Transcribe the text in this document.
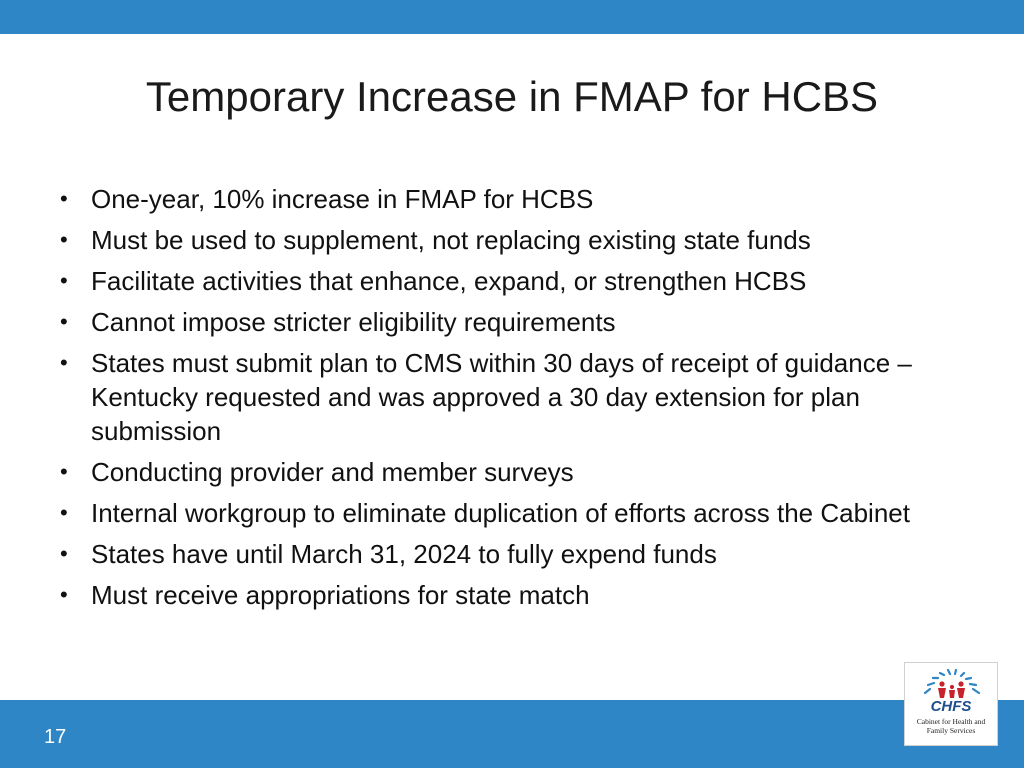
Temporary Increase in FMAP for HCBS
• One-year, 10% increase in FMAP for HCBS
• Must be used to supplement, not replacing existing state funds
• Facilitate activities that enhance, expand, or strengthen HCBS
• Cannot impose stricter eligibility requirements
• States must submit plan to CMS within 30 days of receipt of guidance – Kentucky requested and was approved a 30 day extension for plan submission
• Conducting provider and member surveys
• Internal workgroup to eliminate duplication of efforts across the Cabinet
• States have until March 31, 2024 to fully expend funds
• Must receive appropriations for state match
17
CHFS
Cabinet for Health and
Family Services
